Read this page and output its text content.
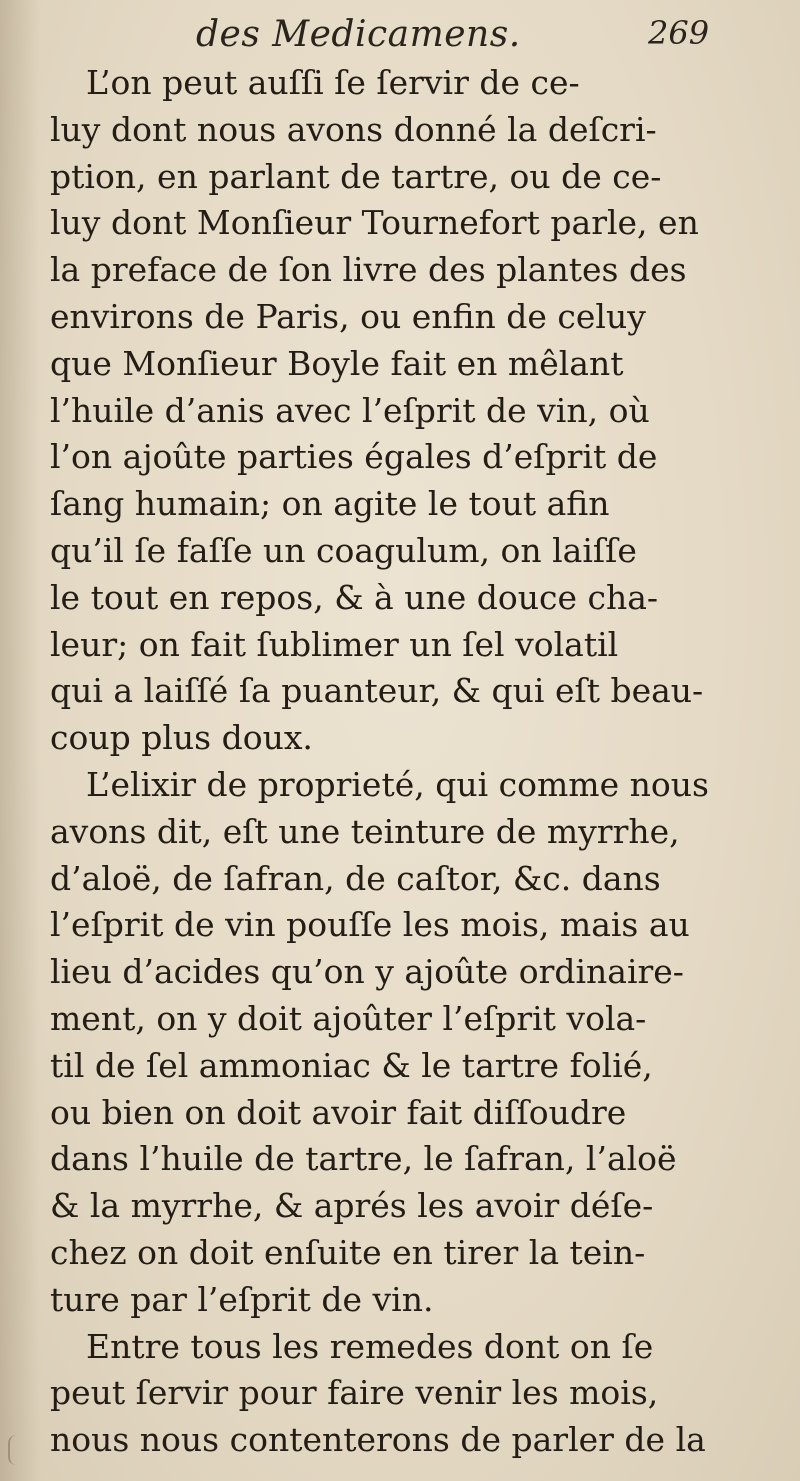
des Medicamens.	269
L’on peut auſſi ſe ſervir de ce-
luy dont nous avons donné la deſcri-
ption, en parlant de tartre, ou de ce-
luy dont Monſieur Tournefort parle, en
la preface de ſon livre des plantes des
environs de Paris, ou enfin de celuy
que Monſieur Boyle fait en mêlant
l’huile d’anis avec l’eſprit de vin, où
l’on ajoûte parties égales d’eſprit de
ſang humain; on agite le tout afin
qu’il ſe faſſe un coagulum, on laiſſe
le tout en repos, & à une douce cha-
leur; on fait ſublimer un ſel volatil
qui a laiſſé ſa puanteur, & qui eſt beau-
coup plus doux.
L’elixir de proprieté, qui comme nous
avons dit, eſt une teinture de myrrhe,
d’aloë, de ſafran, de caſtor, &c. dans
l’eſprit de vin pouſſe les mois, mais au
lieu d’acides qu’on y ajoûte ordinaire-
ment, on y doit ajoûter l’eſprit vola-
til de ſel ammoniac & le tartre folié,
ou bien on doit avoir fait diſſoudre
dans l’huile de tartre, le ſafran, l’aloë
& la myrrhe, & aprés les avoir déſe-
chez on doit enſuite en tirer la tein-
ture par l’eſprit de vin.
Entre tous les remedes dont on ſe
peut ſervir pour faire venir les mois,
nous nous contenterons de parler de la
